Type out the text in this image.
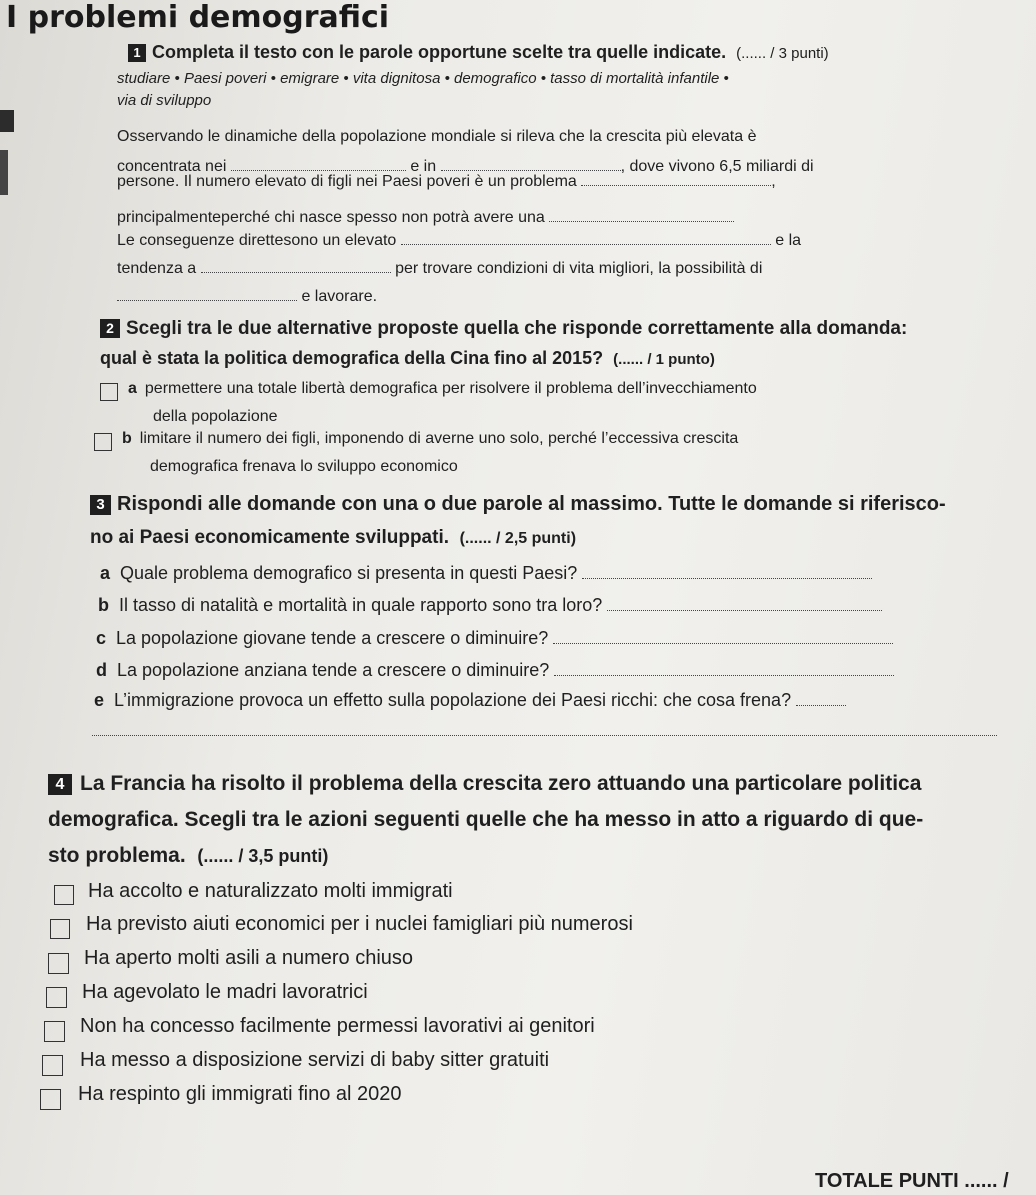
I problemi demografici

1 Completa il testo con le parole opportune scelte tra quelle indicate. (...... / 3 punti)

studiare • Paesi poveri • emigrare • vita dignitosa • demografico • tasso di mortalità infantile •

via di sviluppo

Osservando le dinamiche della popolazione mondiale si rileva che la crescita più elevata è

concentrata nei	e in	, dove vivono 6,5 miliardi di

persone. Il numero elevato di figli nei Paesi poveri è un problema	,

principalmenteperché chi nasce spesso non potrà avere una

Le conseguenze direttesono un elevato	e la

tendenza a	per trovare condizioni di vita migliori, la possibilità di

e lavorare.

2 Scegli tra le due alternative proposte quella che risponde correttamente alla domanda:

qual è stata la politica demografica della Cina fino al 2015? (...... / 1 punto)

a permettere una totale libertà demografica per risolvere il problema dell’invecchiamento

della popolazione

b limitare il numero dei figli, imponendo di averne uno solo, perché l’eccessiva crescita

demografica frenava lo sviluppo economico

3 Rispondi alle domande con una o due parole al massimo. Tutte le domande si riferisco-

no ai Paesi economicamente sviluppati. (...... / 2,5 punti)

a Quale problema demografico si presenta in questi Paesi?

b Il tasso di natalità e mortalità in quale rapporto sono tra loro?

c La popolazione giovane tende a crescere o diminuire?

d La popolazione anziana tende a crescere o diminuire?

e L’immigrazione provoca un effetto sulla popolazione dei Paesi ricchi: che cosa frena?

4 La Francia ha risolto il problema della crescita zero attuando una particolare politica

demografica. Scegli tra le azioni seguenti quelle che ha messo in atto a riguardo di que-

sto problema. (...... / 3,5 punti)

Ha accolto e naturalizzato molti immigrati

Ha previsto aiuti economici per i nuclei famigliari più numerosi

Ha aperto molti asili a numero chiuso

Ha agevolato le madri lavoratrici

Non ha concesso facilmente permessi lavorativi ai genitori

Ha messo a disposizione servizi di baby sitter gratuiti

Ha respinto gli immigrati fino al 2020

TOTALE PUNTI ...... /
